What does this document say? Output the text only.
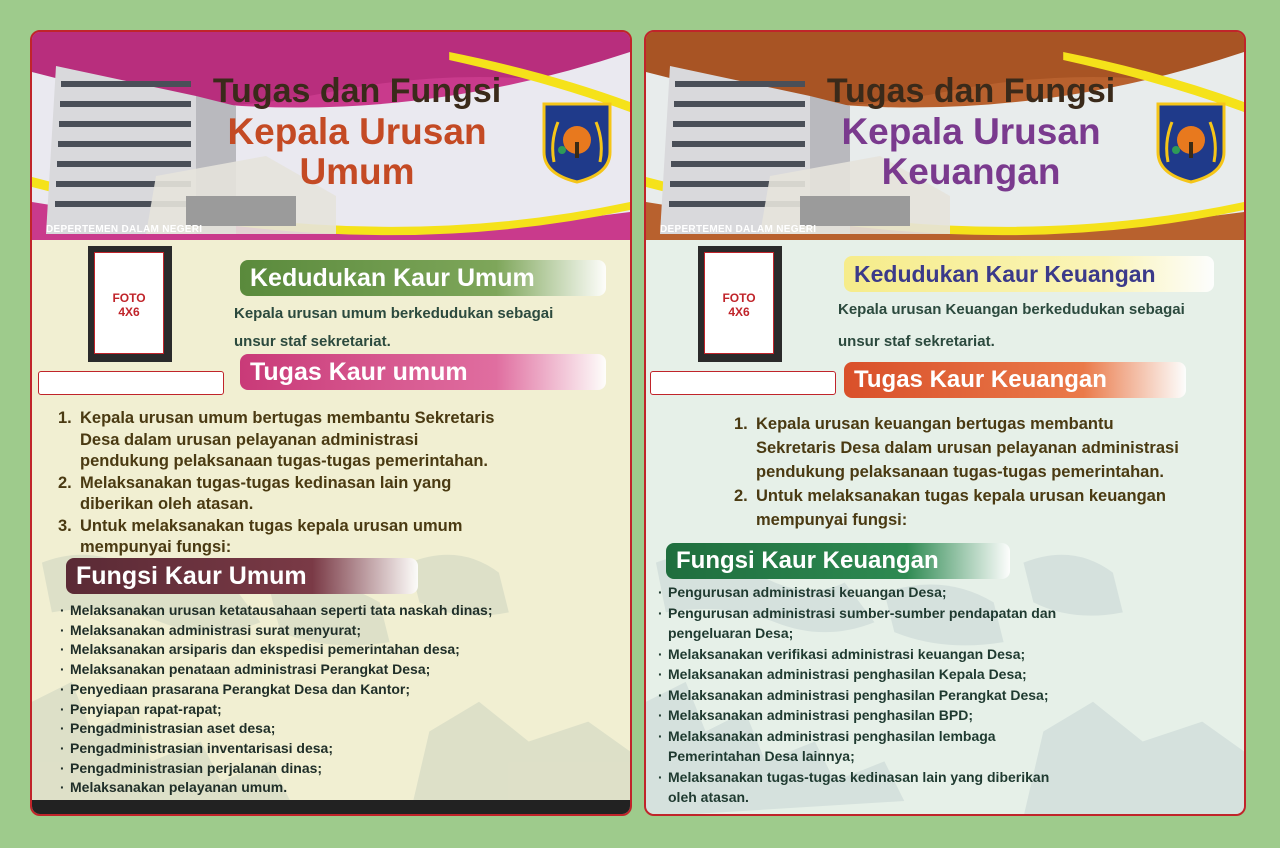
Tugas dan Fungsi
Kepala Urusan
Umum
DEPERTEMEN DALAM NEGERI
FOTO
4X6
Kedudukan Kaur Umum
Kepala urusan umum berkedudukan sebagai
unsur staf sekretariat.
Tugas Kaur umum
1. Kepala urusan umum bertugas membantu Sekretaris
Desa dalam urusan pelayanan administrasi
pendukung pelaksanaan tugas-tugas pemerintahan.
2. Melaksanakan tugas-tugas kedinasan lain yang
diberikan oleh atasan.
3. Untuk melaksanakan tugas kepala urusan umum
mempunyai fungsi:
Fungsi Kaur Umum
· Melaksanakan urusan ketatausahaan seperti tata naskah dinas;
· Melaksanakan administrasi surat menyurat;
· Melaksanakan arsiparis dan ekspedisi pemerintahan desa;
· Melaksanakan penataan administrasi Perangkat Desa;
· Penyediaan prasarana Perangkat Desa dan Kantor;
· Penyiapan rapat-rapat;
· Pengadministrasian aset desa;
· Pengadministrasian inventarisasi desa;
· Pengadministrasian perjalanan dinas;
· Melaksanakan pelayanan umum.
Tugas dan Fungsi
Kepala Urusan
Keuangan
DEPERTEMEN DALAM NEGERI
FOTO
4X6
Kedudukan Kaur Keuangan
Kepala urusan Keuangan berkedudukan sebagai
unsur staf sekretariat.
Tugas Kaur Keuangan
1. Kepala urusan keuangan bertugas membantu
Sekretaris Desa dalam urusan pelayanan administrasi
pendukung pelaksanaan tugas-tugas pemerintahan.
2. Untuk melaksanakan tugas kepala urusan keuangan
mempunyai fungsi:
Fungsi Kaur Keuangan
· Pengurusan administrasi keuangan Desa;
· Pengurusan administrasi sumber-sumber pendapatan dan
pengeluaran Desa;
· Melaksanakan verifikasi administrasi keuangan Desa;
· Melaksanakan administrasi penghasilan Kepala Desa;
· Melaksanakan administrasi penghasilan Perangkat Desa;
· Melaksanakan administrasi penghasilan BPD;
· Melaksanakan administrasi penghasilan lembaga
Pemerintahan Desa lainnya;
· Melaksanakan tugas-tugas kedinasan lain yang diberikan
oleh atasan.
